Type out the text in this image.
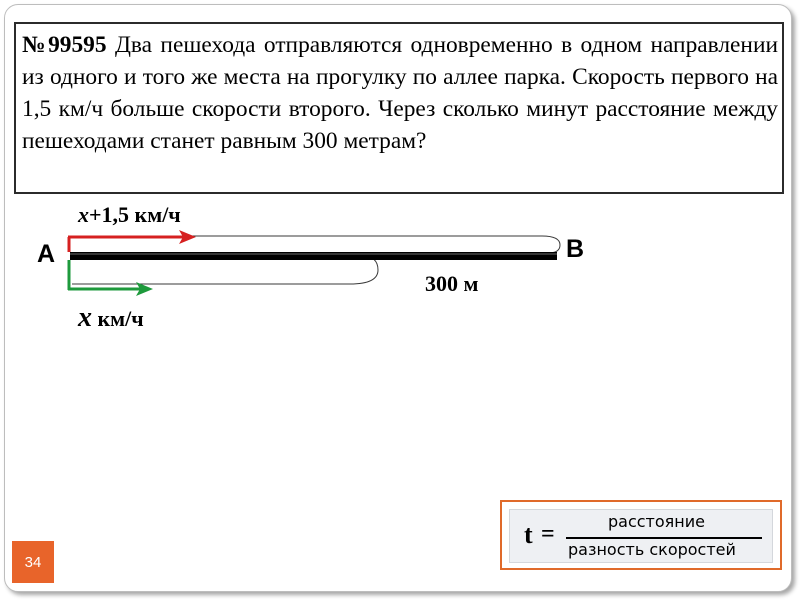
№99595 Два пешехода отправляются одновременно в одном направлении из одного и того же места на прогулку по аллее парка. Скорость первого на 1,5 км/ч больше скорости второго. Через сколько минут расстояние между пешеходами станет равным 300 метрам?
А	В
x+1,5 км/ч
x км/ч
300 м
t =	расстояние
разность скоростей
34
